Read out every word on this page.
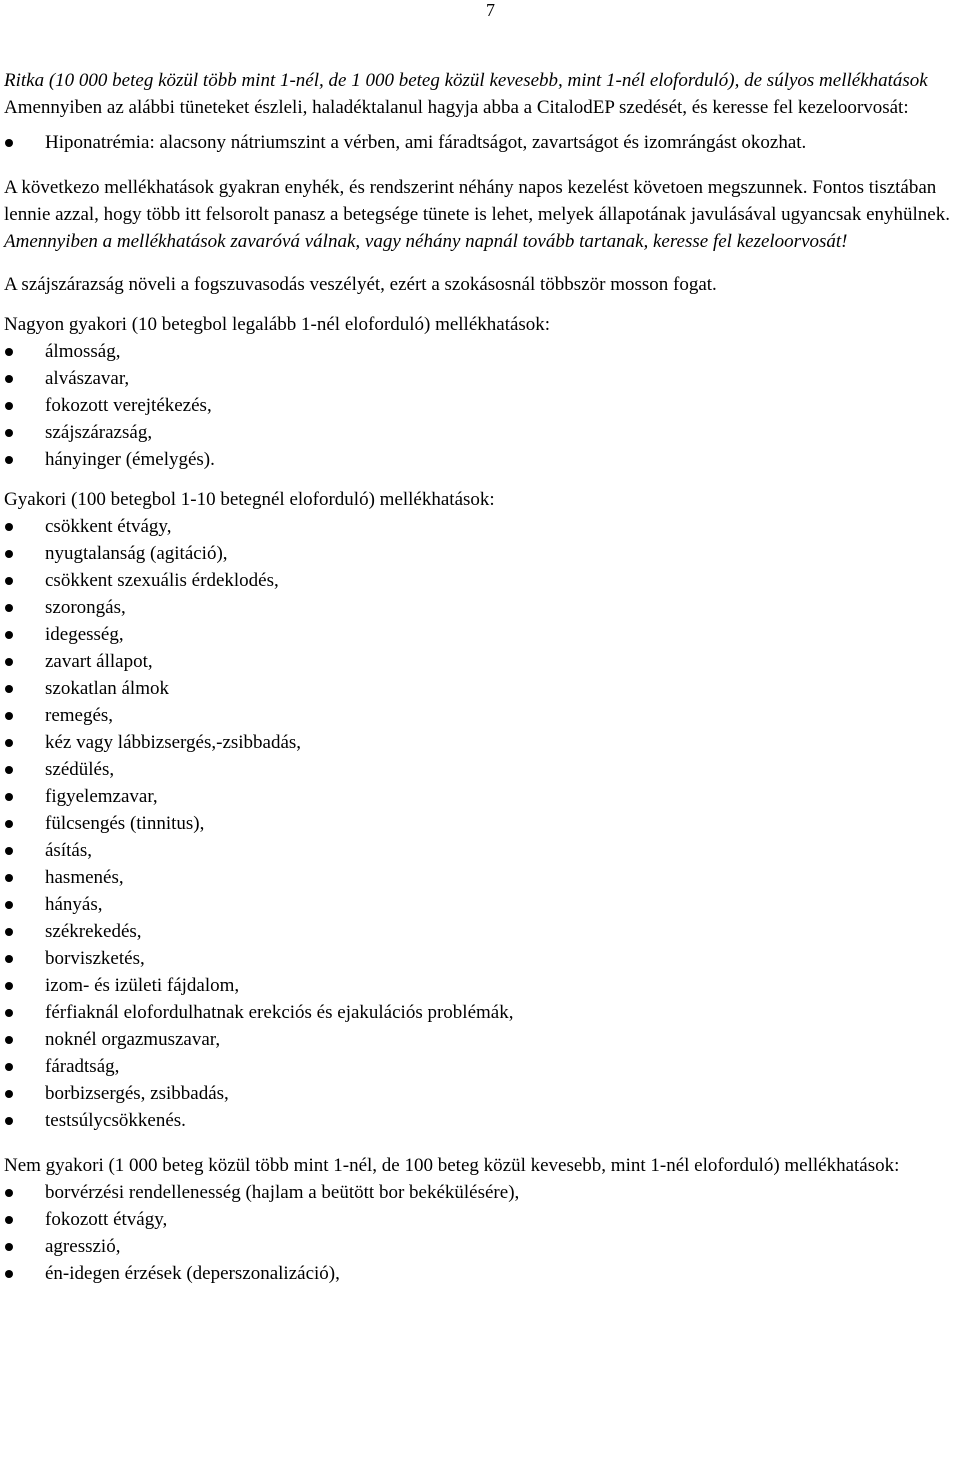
7

Ritka (10 000 beteg közül több mint 1-nél, de 1 000 beteg közül kevesebb, mint 1-nél eloforduló), de súlyos mellékhatások

Amennyiben az alábbi tüneteket észleli, haladéktalanul hagyja abba a CitalodEP szedését, és keresse fel kezeloorvosát:

Hiponatrémia: alacsony nátriumszint a vérben, ami fáradtságot, zavartságot és izomrángást okozhat.

A következo mellékhatások gyakran enyhék, és rendszerint néhány napos kezelést követoen megszunnek. Fontos tisztában lennie azzal, hogy több itt felsorolt panasz a betegsége tünete is lehet, melyek állapotának javulásával ugyancsak enyhülnek.

Amennyiben a mellékhatások zavaróvá válnak, vagy néhány napnál tovább tartanak, keresse fel kezeloorvosát!

A szájszárazság növeli a fogszuvasodás veszélyét, ezért a szokásosnál többször mosson fogat.

Nagyon gyakori (10 betegbol legalább 1-nél eloforduló) mellékhatások:

álmosság,
alvászavar,
fokozott verejtékezés,
szájszárazság,
hányinger (émelygés).

Gyakori (100 betegbol 1-10 betegnél eloforduló) mellékhatások:

csökkent étvágy,
nyugtalanság (agitáció),
csökkent szexuális érdeklodés,
szorongás,
idegesség,
zavart állapot,
szokatlan álmok
remegés,
kéz vagy lábbizsergés,-zsibbadás,
szédülés,
figyelemzavar,
fülcsengés (tinnitus),
ásítás,
hasmenés,
hányás,
székrekedés,
borviszketés,
izom- és izületi fájdalom,
férfiaknál elofordulhatnak erekciós és ejakulációs problémák,
noknél orgazmuszavar,
fáradtság,
borbizsergés, zsibbadás,
testsúlycsökkenés.

Nem gyakori (1 000 beteg közül több mint 1-nél, de 100 beteg közül kevesebb, mint 1-nél eloforduló) mellékhatások:

borvérzési rendellenesség (hajlam a beütött bor bekékülésére),
fokozott étvágy,
agresszió,
én-idegen érzések (deperszonalizáció),
